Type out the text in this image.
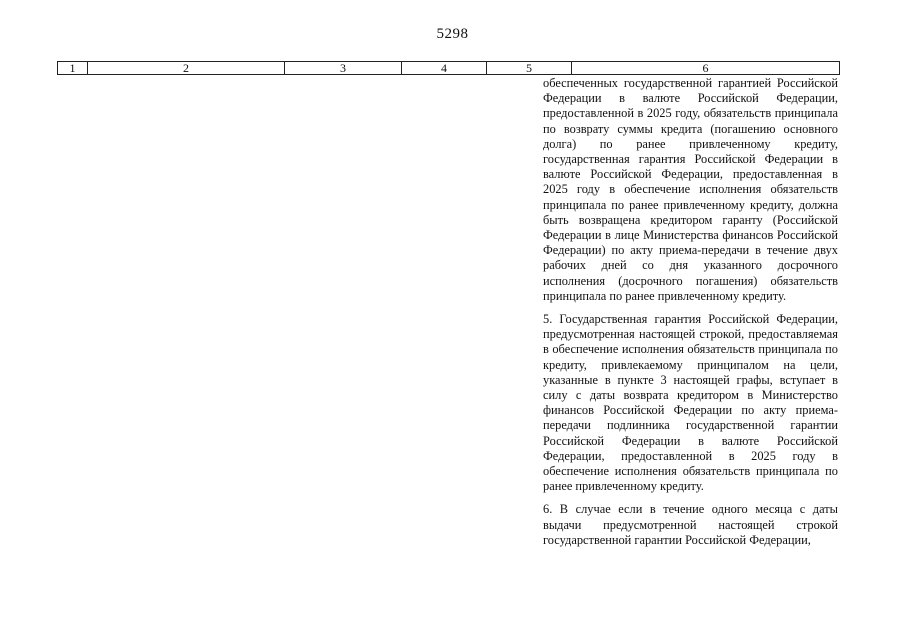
5298
1	2	3	4	5	6

обеспеченных государственной гарантией Российской Федерации в валюте Российской Федерации, предоставленной в 2025 году, обязательств принципала по возврату суммы кредита (погашению основного долга) по ранее привлеченному кредиту, государственная гарантия Российской Федерации в валюте Российской Федерации, предоставленная в 2025 году в обеспечение исполнения обязательств принципала по ранее привлеченному кредиту, должна быть возвращена кредитором гаранту (Российской Федерации в лице Министерства финансов Российской Федерации) по акту приема-передачи в течение двух рабочих дней со дня указанного досрочного исполнения (досрочного погашения) обязательств принципала по ранее привлеченному кредиту.

5. Государственная гарантия Российской Федерации, предусмотренная настоящей строкой, предоставляемая в обеспечение исполнения обязательств принципала по кредиту, привлекаемому принципалом на цели, указанные в пункте 3 настоящей графы, вступает в силу с даты возврата кредитором в Министерство финансов Российской Федерации по акту приема-передачи подлинника государственной гарантии Российской Федерации в валюте Российской Федерации, предоставленной в 2025 году в обеспечение исполнения обязательств принципала по ранее привлеченному кредиту.

6. В случае если в течение одного месяца с даты выдачи предусмотренной настоящей строкой государственной гарантии Российской Федерации,
